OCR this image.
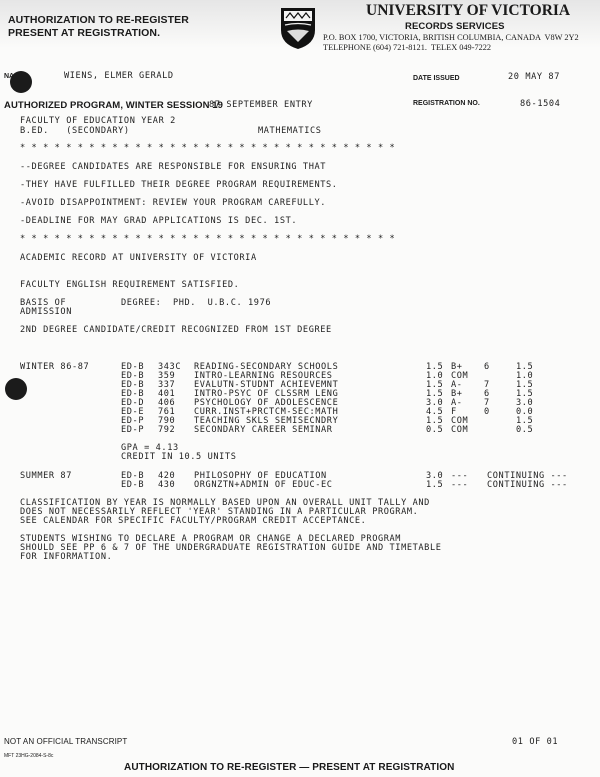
AUTHORIZATION TO RE-REGISTER
PRESENT AT REGISTRATION.
UNIVERSITY OF VICTORIA
RECORDS SERVICES
P.O. BOX 1700, VICTORIA, BRITISH COLUMBIA, CANADA  V8W 2Y2
TELEPHONE (604) 721-8121.  TELEX 049-7222
NA	WIENS, ELMER GERALD	DATE ISSUED	20 MAY 87
AUTHORIZED PROGRAM, WINTER SESSION 19
87 SEPTEMBER ENTRY	REGISTRATION NO.	86-1504
FACULTY OF EDUCATION YEAR 2
B.ED.   (SECONDARY)	MATHEMATICS
* * * * * * * * * * * * * * * * * * * * * * * * * * * * * * * * *
--DEGREE CANDIDATES ARE RESPONSIBLE FOR ENSURING THAT
-THEY HAVE FULFILLED THEIR DEGREE PROGRAM REQUIREMENTS.
-AVOID DISAPPOINTMENT: REVIEW YOUR PROGRAM CAREFULLY.
-DEADLINE FOR MAY GRAD APPLICATIONS IS DEC. 1ST.
* * * * * * * * * * * * * * * * * * * * * * * * * * * * * * * * *
ACADEMIC RECORD AT UNIVERSITY OF VICTORIA
FACULTY ENGLISH REQUIREMENT SATISFIED.
BASIS OF
ADMISSION
DEGREE:  PHD.  U.B.C. 1976
2ND DEGREE CANDIDATE/CREDIT RECOGNIZED FROM 1ST DEGREE
WINTER 86-87	ED-B 343C READING-SECONDARY SCHOOLS	1.5 B+ 6	1.5
ED-B 359 INTRO-LEARNING RESOURCES	1.0 COM	1.0
ED-B 337 EVALUTN-STUDNT ACHIEVEMNT	1.5 A- 7	1.5
ED-B 401 INTRO-PSYC OF CLSSRM LENG	1.5 B+ 6	1.5
ED-D 406 PSYCHOLOGY OF ADOLESCENCE	3.0 A- 7	3.0
ED-E 761 CURR.INST+PRCTCM-SEC:MATH	4.5 F	0	0.0
ED-P 790 TEACHING SKLS SEMISECNDRY	1.5 COM	1.5
ED-P 792 SECONDARY CAREER SEMINAR	0.5 COM	0.5
GPA = 4.13
CREDIT IN 10.5 UNITS
SUMMER 87	ED-B 420 PHILOSOPHY OF EDUCATION	3.0 --- CONTINUING ---
ED-B 430 ORGNZTN+ADMIN OF EDUC-EC	1.5 --- CONTINUING ---
CLASSIFICATION BY YEAR IS NORMALLY BASED UPON AN OVERALL UNIT TALLY AND
DOES NOT NECESSARILY REFLECT 'YEAR' STANDING IN A PARTICULAR PROGRAM.
SEE CALENDAR FOR SPECIFIC FACULTY/PROGRAM CREDIT ACCEPTANCE.
STUDENTS WISHING TO DECLARE A PROGRAM OR CHANGE A DECLARED PROGRAM
SHOULD SEE PP 6 & 7 OF THE UNDERGRADUATE REGISTRATION GUIDE AND TIMETABLE
FOR INFORMATION.
NOT AN OFFICIAL TRANSCRIPT	01 OF 01
MFT 23HG-2084-S-8c
AUTHORIZATION TO RE-REGISTER — PRESENT AT REGISTRATION
